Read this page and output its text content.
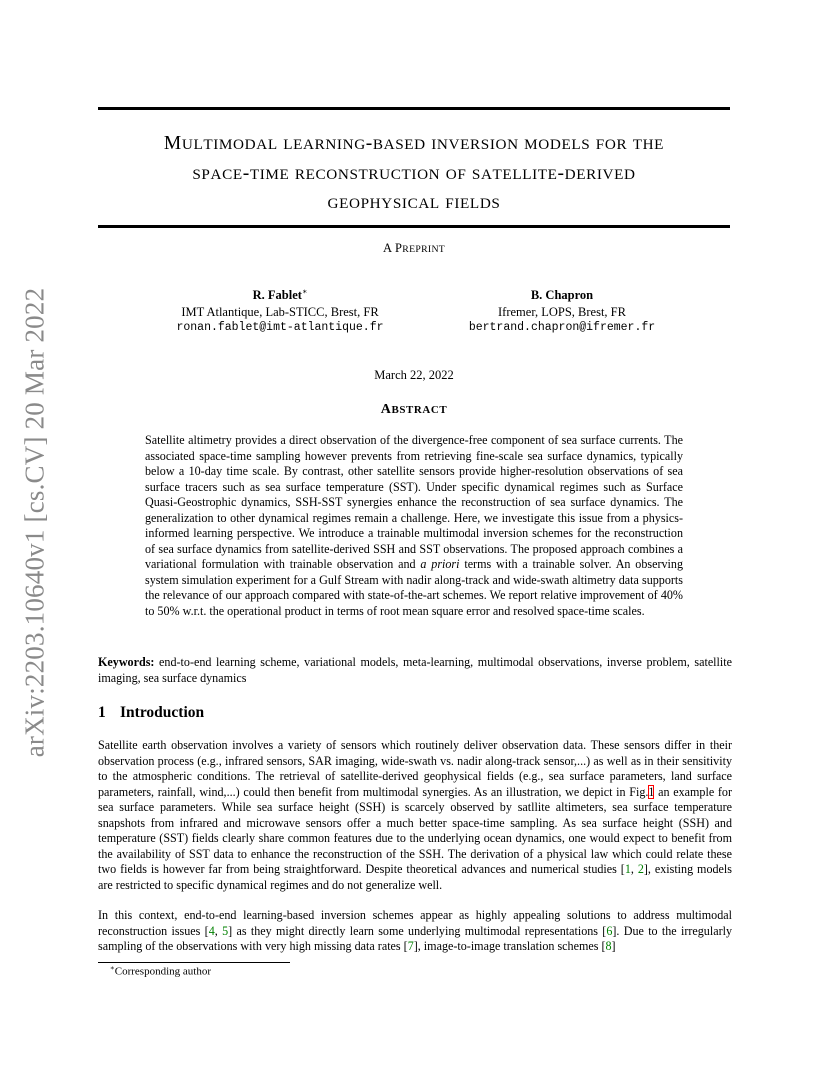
arXiv:2203.10640v1 [cs.CV] 20 Mar 2022
MULTIMODAL LEARNING-BASED INVERSION MODELS FOR THE
SPACE-TIME RECONSTRUCTION OF SATELLITE-DERIVED
GEOPHYSICAL FIELDS
A PREPRINT
R. Fablet∗
IMT Atlantique, Lab-STICC, Brest, FR
ronan.fablet@imt-atlantique.fr
B. Chapron
Ifremer, LOPS, Brest, FR
bertrand.chapron@ifremer.fr
March 22, 2022
ABSTRACT
Satellite altimetry provides a direct observation of the divergence-free component of sea surface currents. The associated space-time sampling however prevents from retrieving fine-scale sea surface dynamics, typically below a 10-day time scale. By contrast, other satellite sensors provide higher-resolution observations of sea surface tracers such as sea surface temperature (SST). Under specific dynamical regimes such as Surface Quasi-Geostrophic dynamics, SSH-SST synergies enhance the reconstruction of sea surface dynamics. The generalization to other dynamical regimes remain a challenge. Here, we investigate this issue from a physics-informed learning perspective. We introduce a trainable multimodal inversion schemes for the reconstruction of sea surface dynamics from satellite-derived SSH and SST observations. The proposed approach combines a variational formulation with trainable observation and a priori terms with a trainable solver. An observing system simulation experiment for a Gulf Stream with nadir along-track and wide-swath altimetry data supports the relevance of our approach compared with state-of-the-art schemes. We report relative improvement of 40% to 50% w.r.t. the operational product in terms of root mean square error and resolved space-time scales.
Keywords: end-to-end learning scheme, variational models, meta-learning, multimodal observations, inverse problem, satellite imaging, sea surface dynamics
1 Introduction
Satellite earth observation involves a variety of sensors which routinely deliver observation data. These sensors differ in their observation process (e.g., infrared sensors, SAR imaging, wide-swath vs. nadir along-track sensor,...) as well as in their sensitivity to the atmospheric conditions. The retrieval of satellite-derived geophysical fields (e.g., sea surface parameters, land surface parameters, rainfall, wind,...) could then benefit from multimodal synergies. As an illustration, we depict in Fig.1 an example for sea surface parameters. While sea surface height (SSH) is scarcely observed by satllite altimeters, sea surface temperature snapshots from infrared and microwave sensors offer a much better space-time sampling. As sea surface height (SSH) and temperature (SST) fields clearly share common features due to the underlying ocean dynamics, one would expect to benefit from the availability of SST data to enhance the reconstruction of the SSH. The derivation of a physical law which could relate these two fields is however far from being straightforward. Despite theoretical advances and numerical studies [1, 2], existing models are restricted to specific dynamical regimes and do not generalize well.
In this context, end-to-end learning-based inversion schemes appear as highly appealing solutions to address multimodal reconstruction issues [4, 5] as they might directly learn some underlying multimodal representations [6]. Due to the irregularly sampling of the observations with very high missing data rates [7], image-to-image translation schemes [8]
∗Corresponding author
